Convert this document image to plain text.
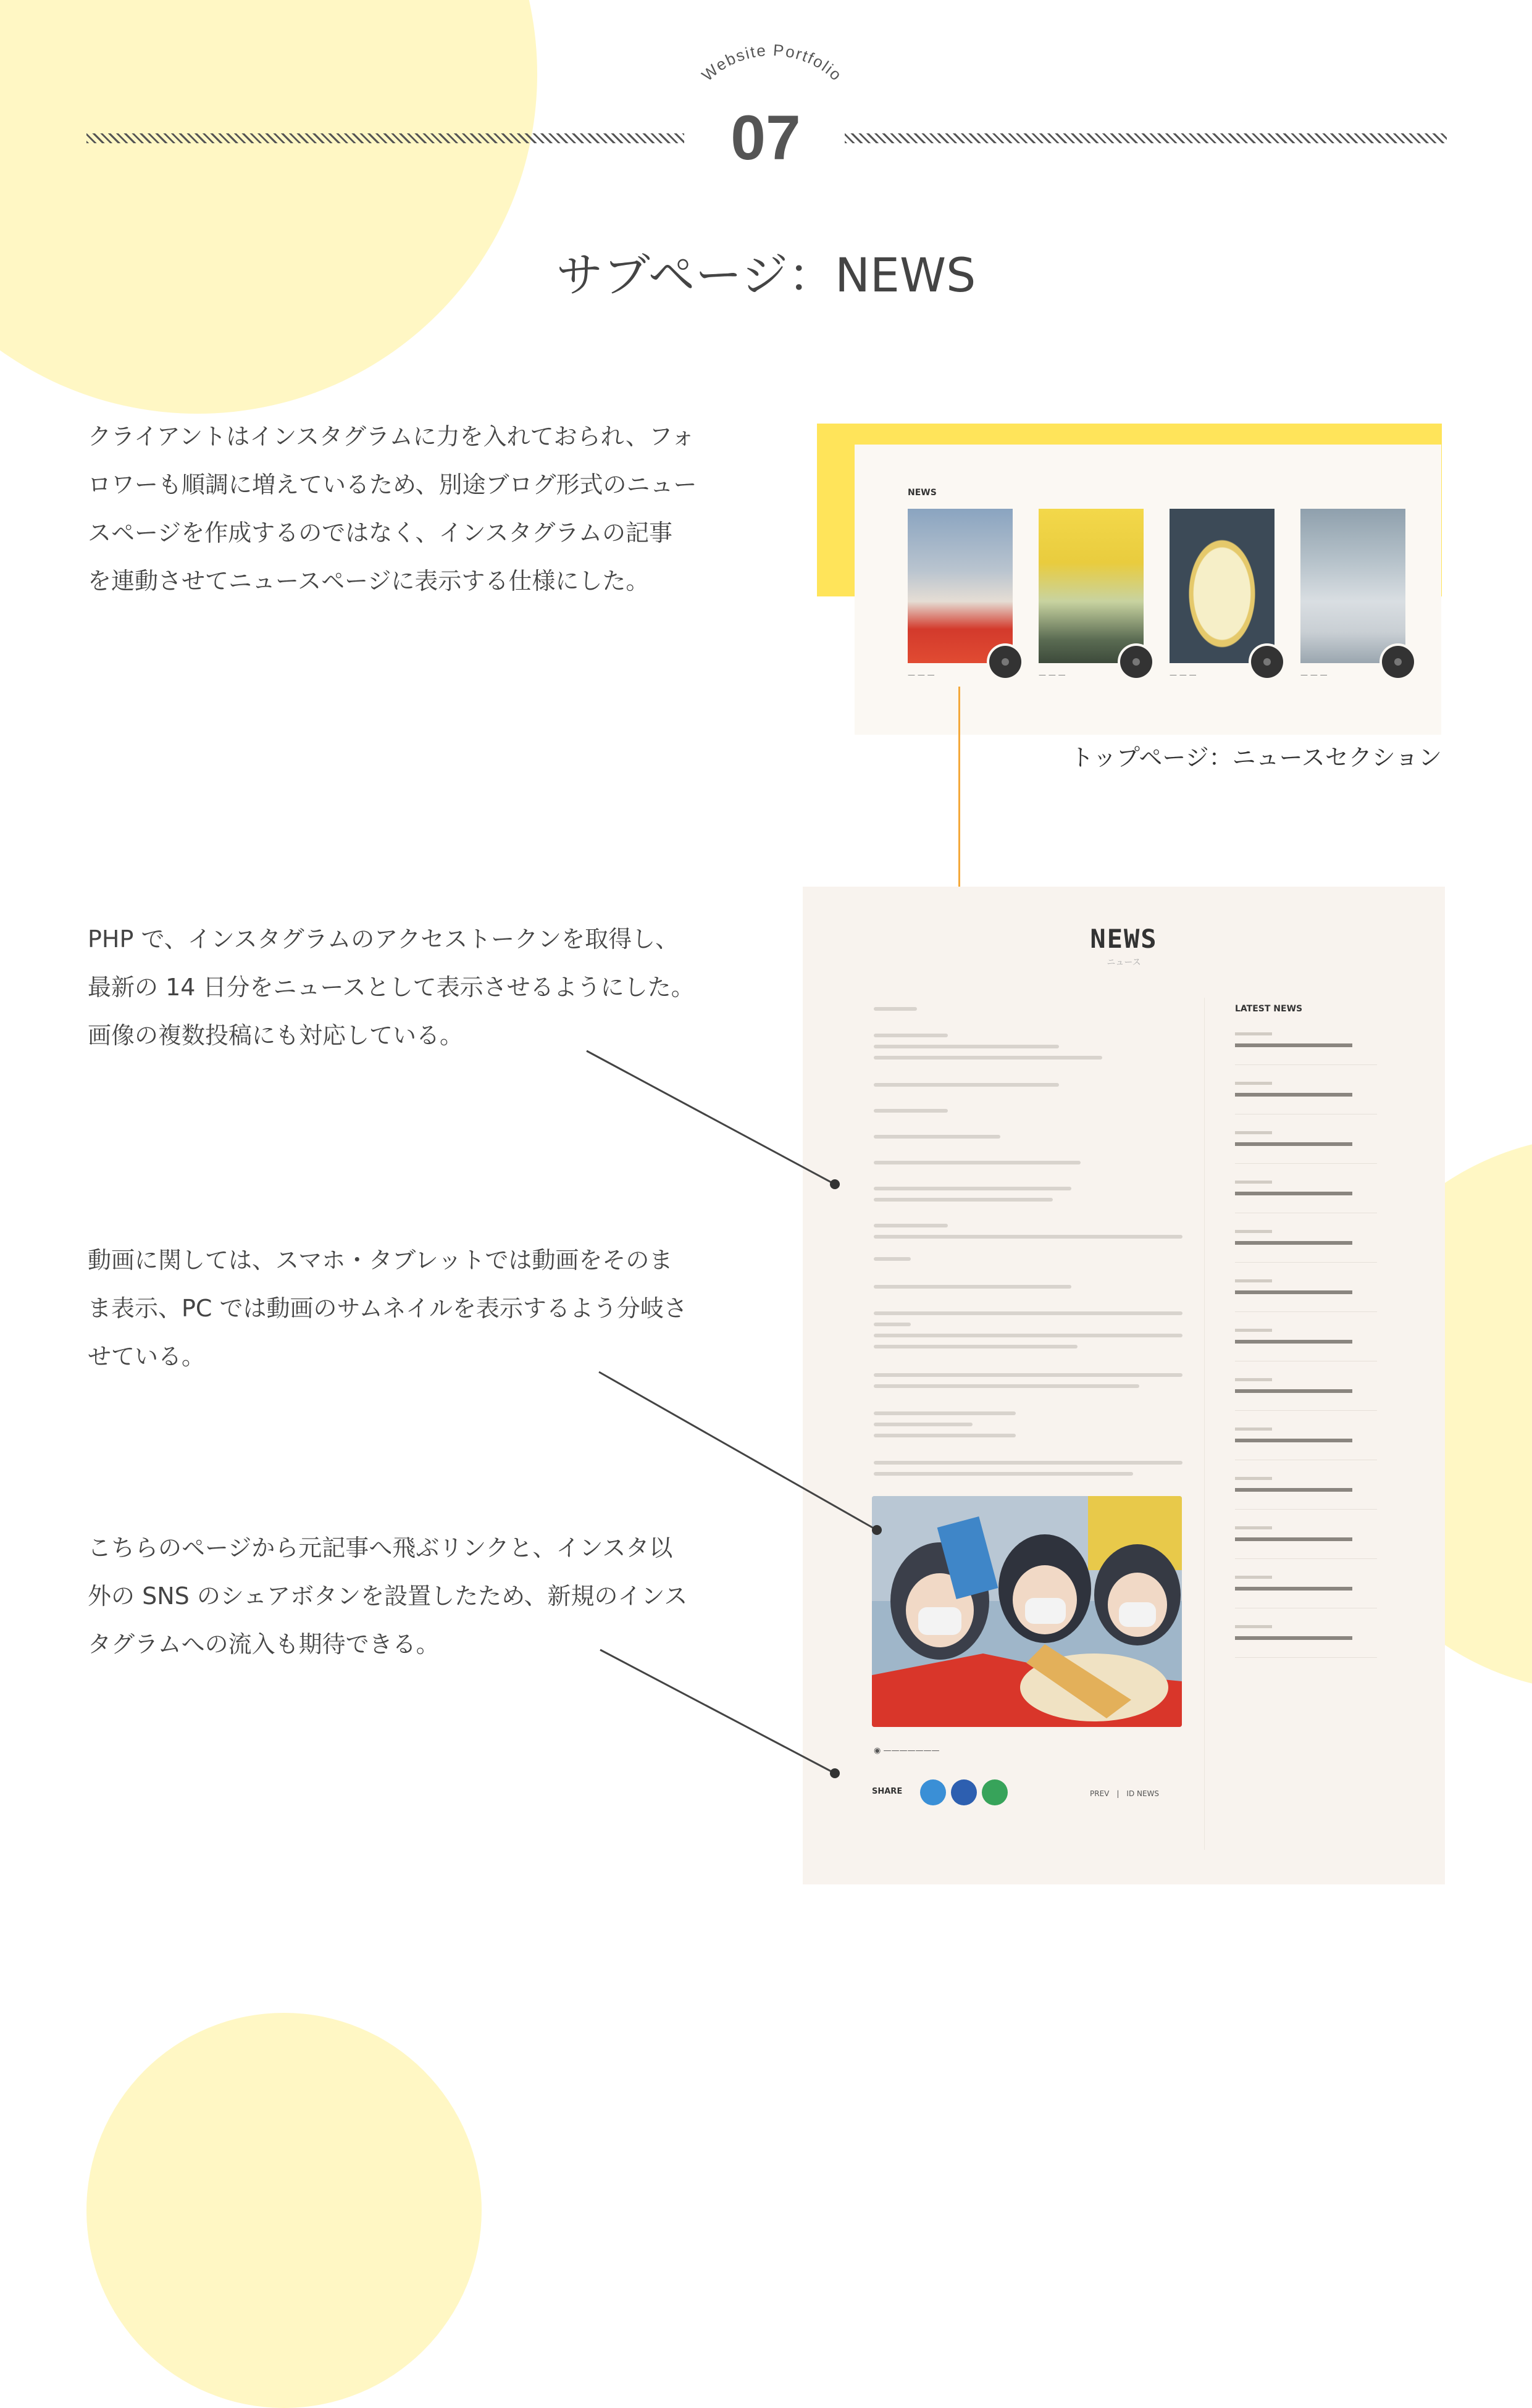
Website Portfolio
07
サブページ：NEWS
クライアントはインスタグラムに力を入れておられ、フォ
ロワーも順調に増えているため、別途ブログ形式のニュー
スページを作成するのではなく、インスタグラムの記事
を連動させてニュースページに表示する仕様にした。
PHP で、インスタグラムのアクセストークンを取得し、
最新の 14 日分をニュースとして表示させるようにした。
画像の複数投稿にも対応している。
動画に関しては、スマホ・タブレットでは動画をそのま
ま表示、PC では動画のサムネイルを表示するよう分岐さ
せている。
こちらのページから元記事へ飛ぶリンクと、インスタ以
外の SNS のシェアボタンを設置したため、新規のインス
タグラムへの流入も期待できる。
NEWS
— — —	— — —	— — —	— — —
トップページ：ニュースセクション
NEWS
ニュース
◉ ———————
SHARE	PREV　|　ID NEWS
LATEST NEWS
